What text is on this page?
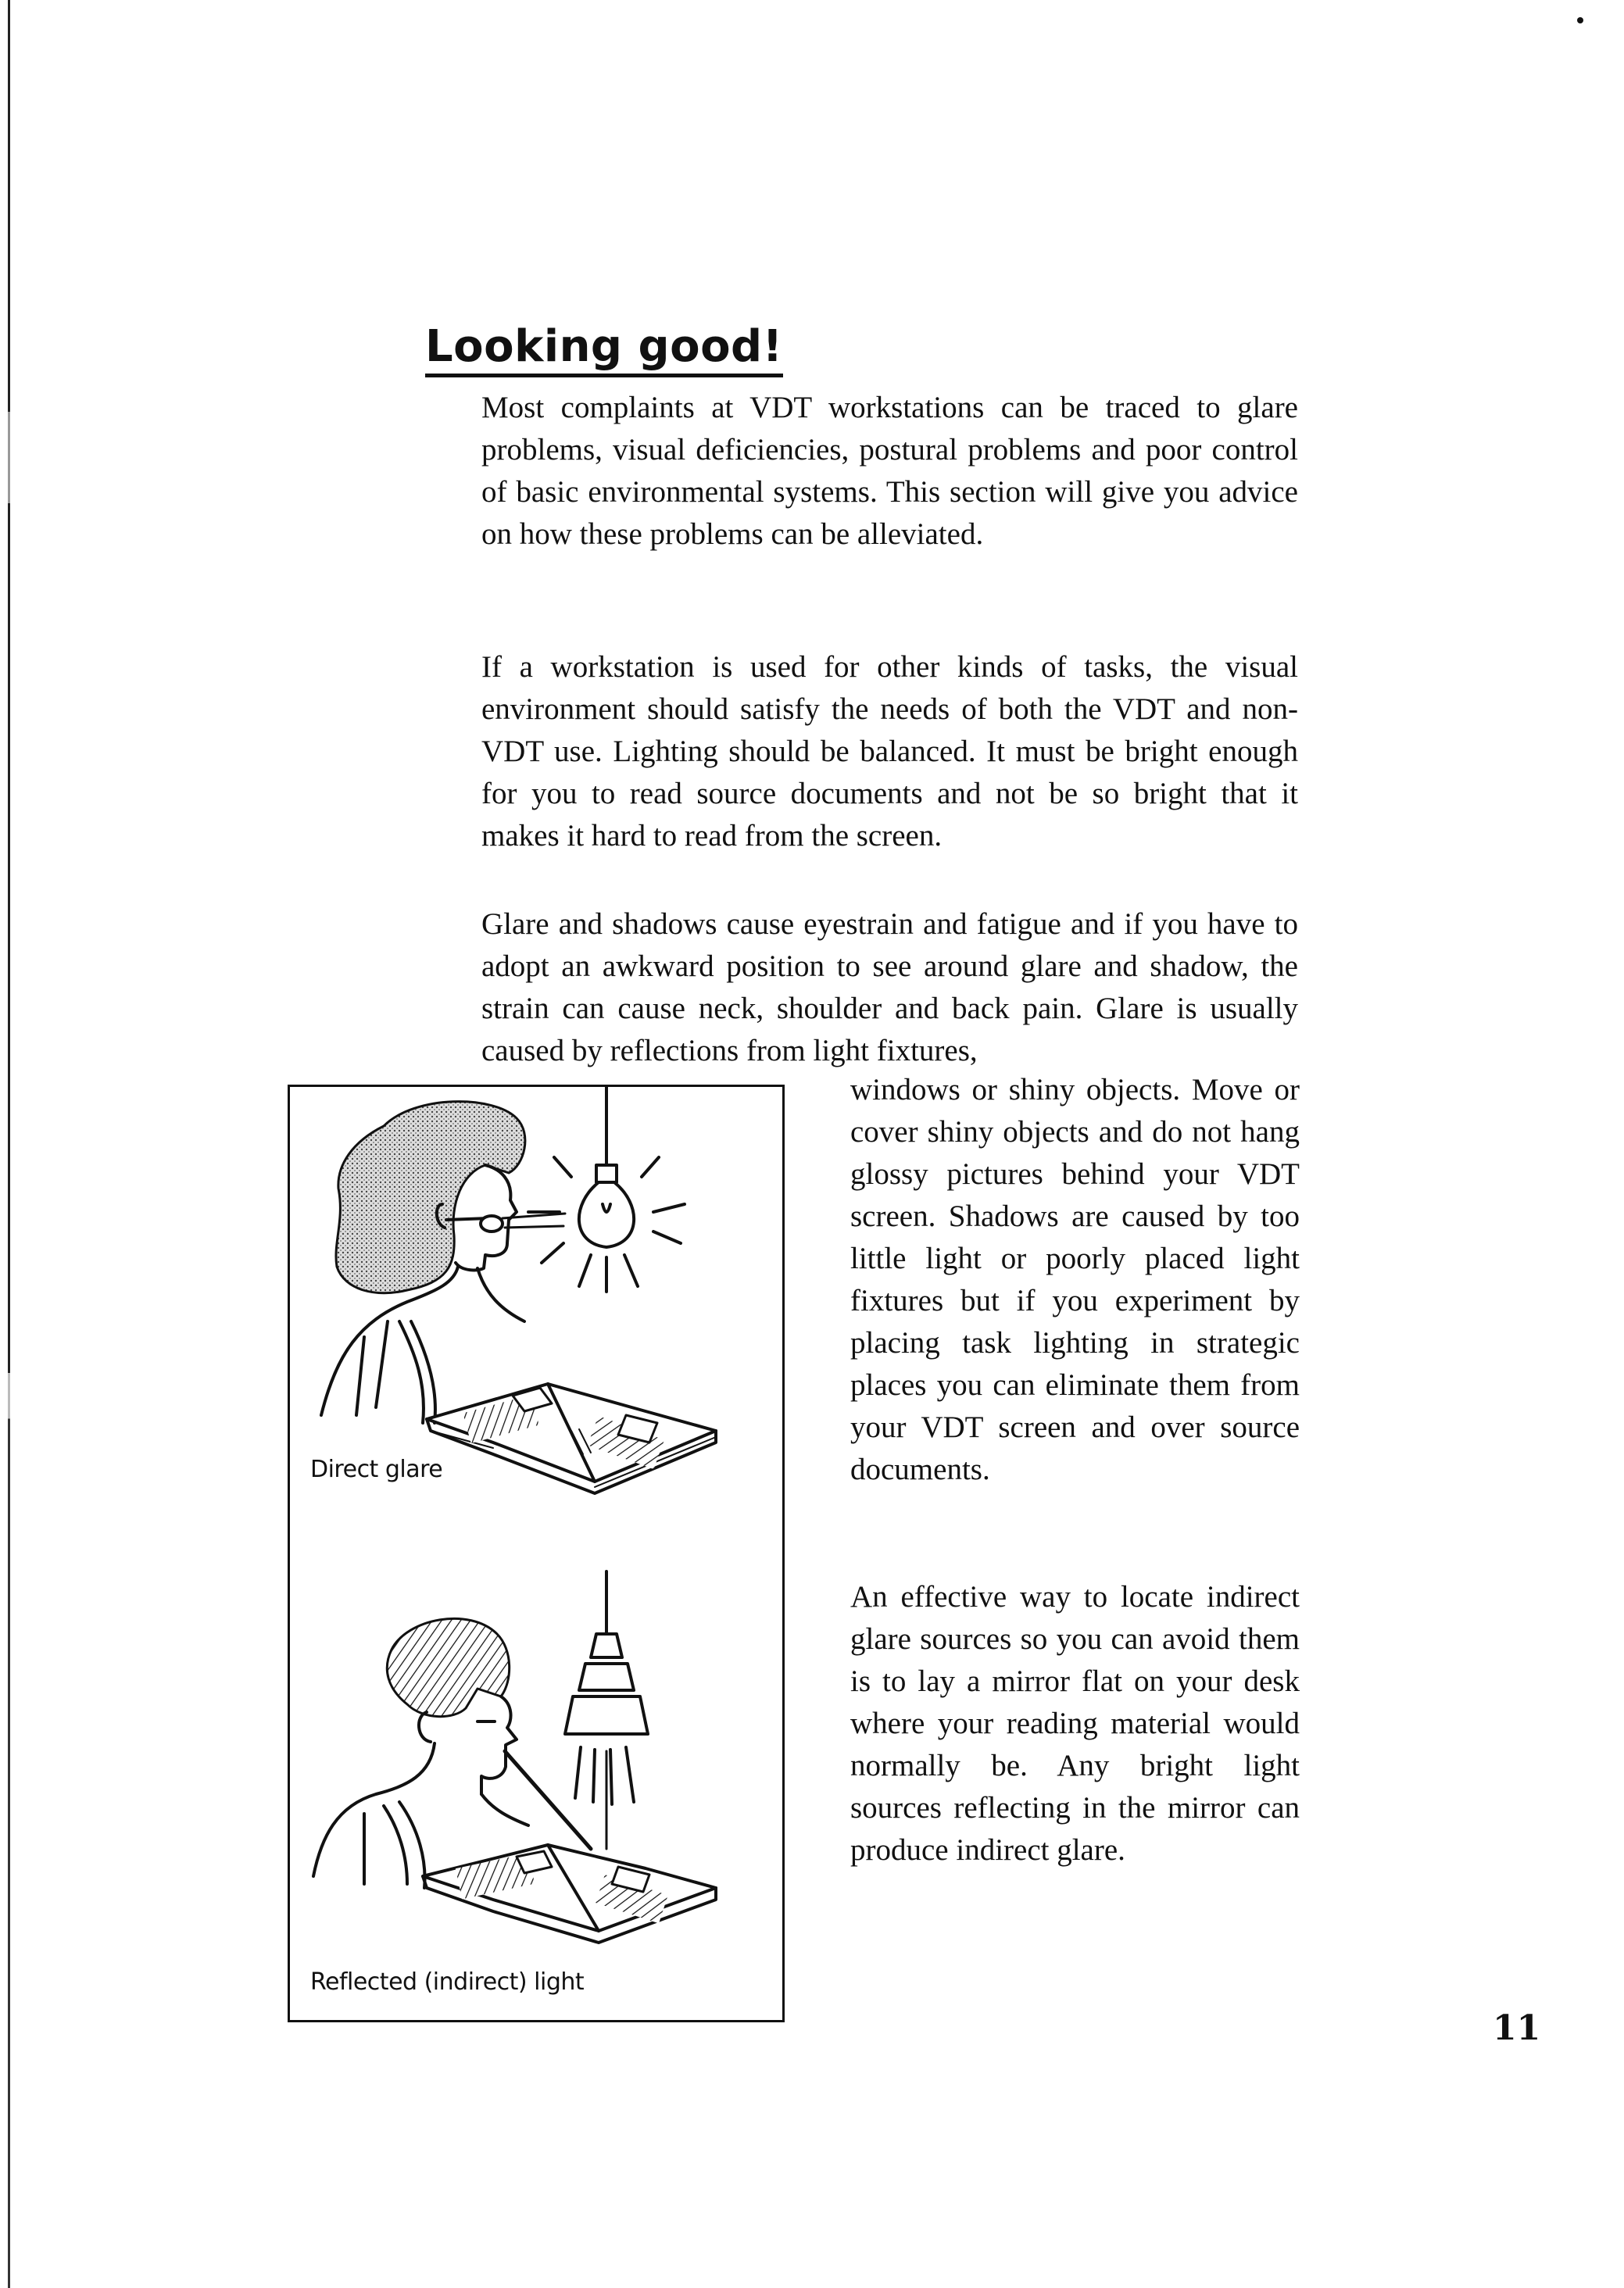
Looking good!

Most complaints at VDT workstations can be traced to glare problems, visual deficiencies, postural problems and poor control of basic environmental systems. This section will give you advice on how these problems can be alleviated.

If a workstation is used for other kinds of tasks, the visual environment should satisfy the needs of both the VDT and non-VDT use. Lighting should be balanced. It must be bright enough for you to read source documents and not be so bright that it makes it hard to read from the screen.

Glare and shadows cause eyestrain and fatigue and if you have to adopt an awkward position to see around glare and shadow, the strain can cause neck, shoulder and back pain. Glare is usually caused by reflections from light fixtures,

windows or shiny objects. Move or cover shiny objects and do not hang glossy pictures behind your VDT screen. Shadows are caused by too little light or poorly placed light fixtures but if you experiment by placing task lighting in strategic places you can eliminate them from your VDT screen and over source documents.

An effective way to locate indirect glare sources so you can avoid them is to lay a mirror flat on your desk where your reading material would normally be. Any bright light sources reflecting in the mirror can produce indirect glare.

Direct glare
Reflected (indirect) light
11
